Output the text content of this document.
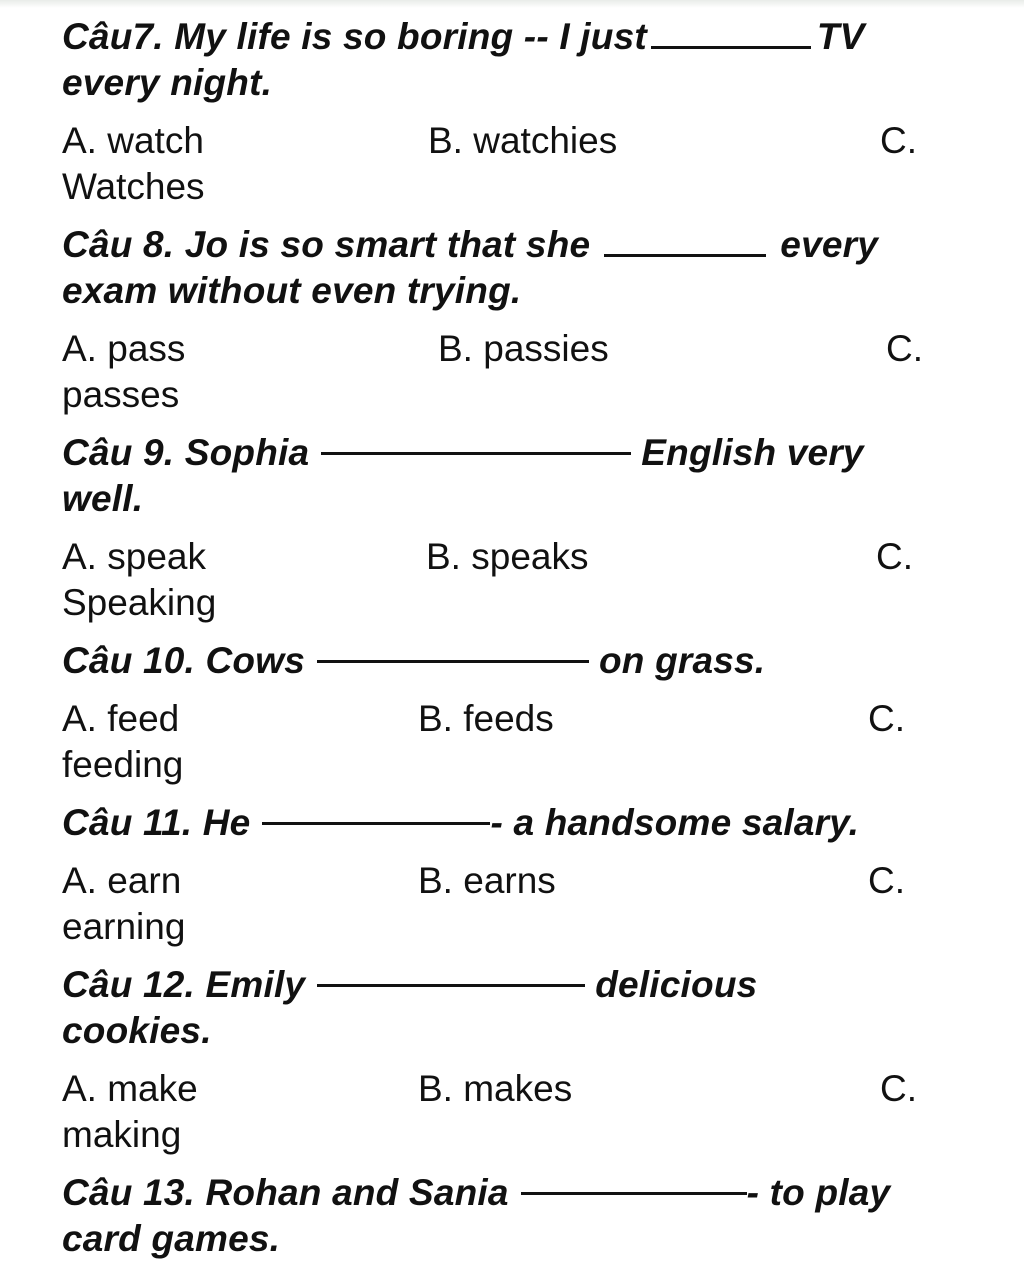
Câu7. My life is so boring -- I just	TV
every night.
A. watch	B. watchies	C.
Watches
Câu 8. Jo is so smart that she	every
exam without even trying.
A. pass	B. passies	C.
passes
Câu 9. Sophia	English very
well.
A. speak	B. speaks	C.
Speaking
Câu 10. Cows	on grass.
A. feed	B. feeds	C.
feeding
Câu 11. He	- a handsome salary.
A. earn	B. earns	C.
earning
Câu 12. Emily	delicious
cookies.
A. make	B. makes	C.
making
Câu 13. Rohan and Sania	- to play
card games.
